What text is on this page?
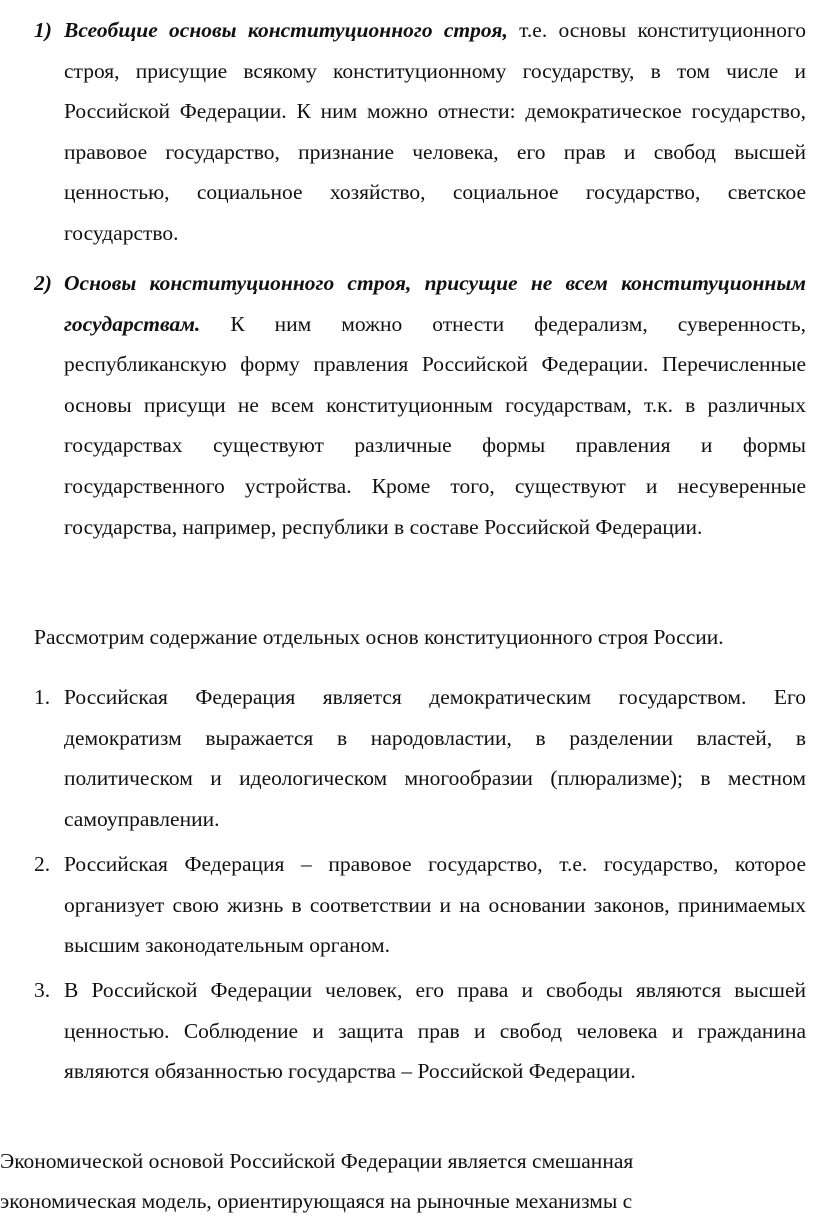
1) Всеобщие основы конституционного строя, т.е. основы конституционного строя, присущие всякому конституционному государству, в том числе и Российской Федерации. К ним можно отнести: демократическое государство, правовое государство, признание человека, его прав и свобод высшей ценностью, социальное хозяйство, социальное государство, светское государство.
2) Основы конституционного строя, присущие не всем конституционным государствам. К ним можно отнести федерализм, суверенность, республиканскую форму правления Российской Федерации. Перечисленные основы присущи не всем конституционным государствам, т.к. в различных государствах существуют различные формы правления и формы государственного устройства. Кроме того, существуют и несуверенные государства, например, республики в составе Российской Федерации.
Рассмотрим содержание отдельных основ конституционного строя России.
1. Российская Федерация является демократическим государством. Его демократизм выражается в народовластии, в разделении властей, в политическом и идеологическом многообразии (плюрализме); в местном самоуправлении.
2. Российская Федерация – правовое государство, т.е. государство, которое организует свою жизнь в соответствии и на основании законов, принимаемых высшим законодательным органом.
3. В Российской Федерации человек, его права и свободы являются высшей ценностью. Соблюдение и защита прав и свобод человека и гражданина являются обязанностью государства – Российской Федерации.
Экономической основой Российской Федерации является смешанная
экономическая модель, ориентирующаяся на рыночные механизмы с
